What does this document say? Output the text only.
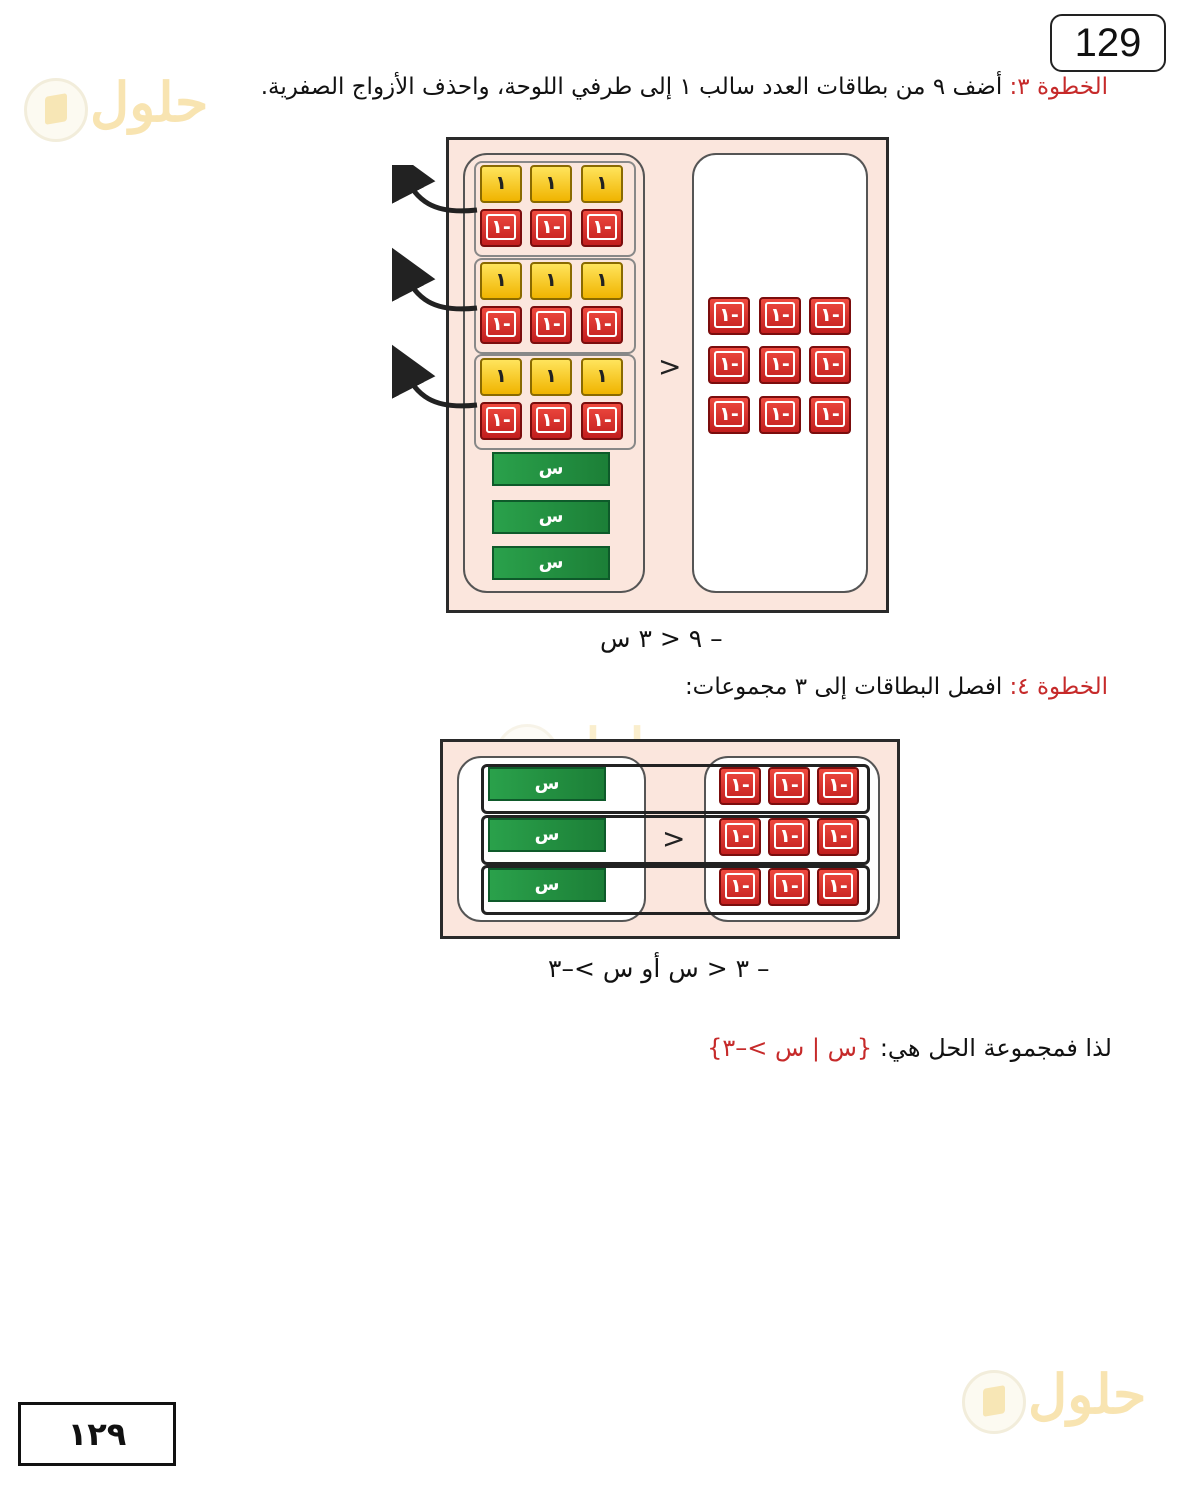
129
حلول
حلول
الخطوة ٣: أضف ٩ من بطاقات العدد سالب ١ إلى طرفي اللوحة، واحذف الأزواج الصفرية.
١
١-
١
١-
١
١-
١
١-
١
١-
١
١-
١
١-
١
١-
١
١-
س
س
س
١-	١-	١-
١-	١-	١-
١-	١-	١-
>
– ٩ < ٣ س
الخطوة ٤: افصل البطاقات إلى ٣ مجموعات:
س	١-	١-	١-
س	١-	١-	١-
س	١-	١-	١-
>
– ٣ < س أو س >–٣
لذا فمجموعة الحل هي: {س | س >–٣}
١٢٩
